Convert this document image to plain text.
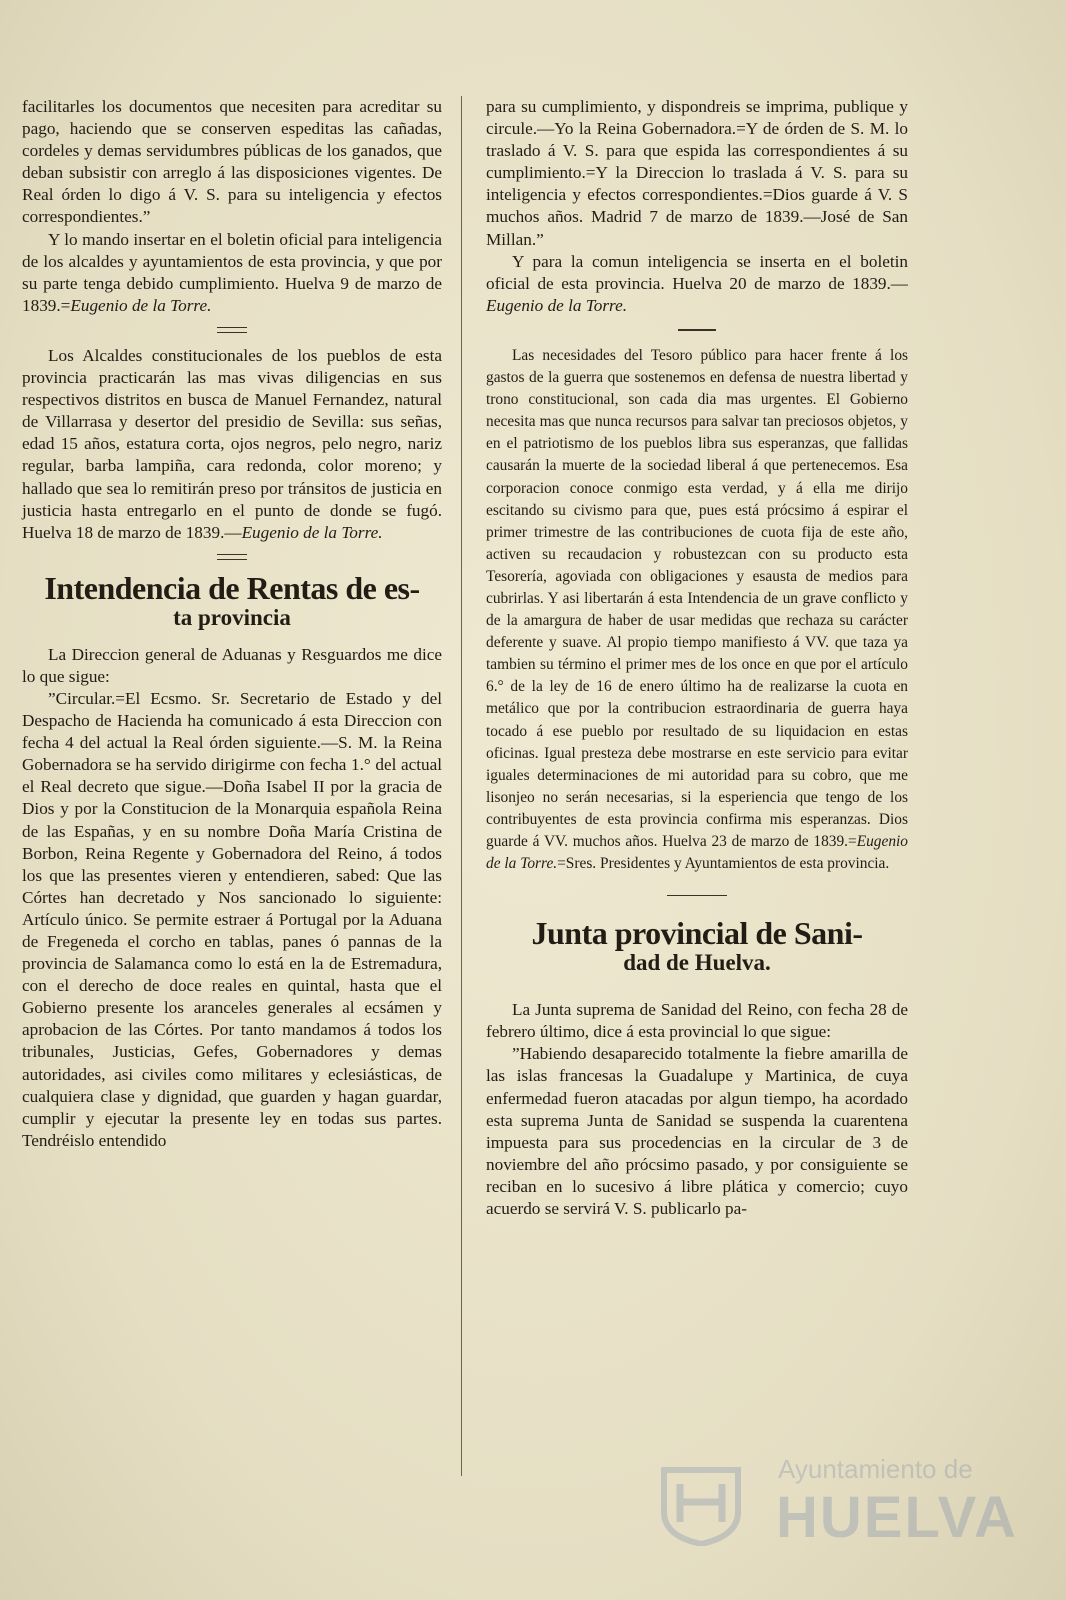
facilitarles los documentos que necesiten para acreditar su pago, haciendo que se conserven espeditas las cañadas, cordeles y demas servidumbres públicas de los ganados, que deban subsistir con arreglo á las disposiciones vigentes. De Real órden lo digo á V. S. para su inteligencia y efectos correspondientes.”

Y lo mando insertar en el boletin oficial para inteligencia de los alcaldes y ayuntamientos de esta provincia, y que por su parte tenga debido cumplimiento. Huelva 9 de marzo de 1839.=Eugenio de la Torre.

Los Alcaldes constitucionales de los pueblos de esta provincia practicarán las mas vivas diligencias en sus respectivos distritos en busca de Manuel Fernandez, natural de Villarrasa y desertor del presidio de Sevilla: sus señas, edad 15 años, estatura corta, ojos negros, pelo negro, nariz regular, barba lampiña, cara redonda, color moreno; y hallado que sea lo remitirán preso por tránsitos de justicia en justicia hasta entregarlo en el punto de donde se fugó. Huelva 18 de marzo de 1839.—Eugenio de la Torre.

Intendencia de Rentas de es-
ta provincia

La Direccion general de Aduanas y Resguardos me dice lo que sigue:

”Circular.=El Ecsmo. Sr. Secretario de Estado y del Despacho de Hacienda ha comunicado á esta Direccion con fecha 4 del actual la Real órden siguiente.—S. M. la Reina Gobernadora se ha servido dirigirme con fecha 1.° del actual el Real decreto que sigue.—Doña Isabel II por la gracia de Dios y por la Constitucion de la Monarquia española Reina de las Españas, y en su nombre Doña María Cristina de Borbon, Reina Regente y Gobernadora del Reino, á todos los que las presentes vieren y entendieren, sabed: Que las Córtes han decretado y Nos sancionado lo siguiente: Artículo único. Se permite estraer á Portugal por la Aduana de Fregeneda el corcho en tablas, panes ó pannas de la provincia de Salamanca como lo está en la de Estremadura, con el derecho de doce reales en quintal, hasta que el Gobierno presente los aranceles generales al ecsámen y aprobacion de las Córtes. Por tanto mandamos á todos los tribunales, Justicias, Gefes, Gobernadores y demas autoridades, asi civiles como militares y eclesiásticas, de cualquiera clase y dignidad, que guarden y hagan guardar, cumplir y ejecutar la presente ley en todas sus partes. Tendréislo entendido

para su cumplimiento, y dispondreis se imprima, publique y circule.—Yo la Reina Gobernadora.=Y de órden de S. M. lo traslado á V. S. para que espida las correspondientes á su cumplimiento.=Y la Direccion lo traslada á V. S. para su inteligencia y efectos correspondientes.=Dios guarde á V. S muchos años. Madrid 7 de marzo de 1839.—José de San Millan.”

Y para la comun inteligencia se inserta en el boletin oficial de esta provincia. Huelva 20 de marzo de 1839.—Eugenio de la Torre.

Las necesidades del Tesoro público para hacer frente á los gastos de la guerra que sostenemos en defensa de nuestra libertad y trono constitucional, son cada dia mas urgentes. El Gobierno necesita mas que nunca recursos para salvar tan preciosos objetos, y en el patriotismo de los pueblos libra sus esperanzas, que fallidas causarán la muerte de la sociedad liberal á que pertenecemos. Esa corporacion conoce conmigo esta verdad, y á ella me dirijo escitando su civismo para que, pues está prócsimo á espirar el primer trimestre de las contribuciones de cuota fija de este año, activen su recaudacion y robustezcan con su producto esta Tesorería, agoviada con obligaciones y esausta de medios para cubrirlas. Y asi libertarán á esta Intendencia de un grave conflicto y de la amargura de haber de usar medidas que rechaza su carácter deferente y suave. Al propio tiempo manifiesto á VV. que taza ya tambien su término el primer mes de los once en que por el artículo 6.° de la ley de 16 de enero último ha de realizarse la cuota en metálico que por la contribucion estraordinaria de guerra haya tocado á ese pueblo por resultado de su liquidacion en estas oficinas. Igual presteza debe mostrarse en este servicio para evitar iguales determinaciones de mi autoridad para su cobro, que me lisonjeo no serán necesarias, si la esperiencia que tengo de los contribuyentes de esta provincia confirma mis esperanzas. Dios guarde á VV. muchos años. Huelva 23 de marzo de 1839.=Eugenio de la Torre.=Sres. Presidentes y Ayuntamientos de esta provincia.

Junta provincial de Sani-
dad de Huelva.

La Junta suprema de Sanidad del Reino, con fecha 28 de febrero último, dice á esta provincial lo que sigue:

”Habiendo desaparecido totalmente la fiebre amarilla de las islas francesas la Guadalupe y Martinica, de cuya enfermedad fueron atacadas por algun tiempo, ha acordado esta suprema Junta de Sanidad se suspenda la cuarentena impuesta para sus procedencias en la circular de 3 de noviembre del año prócsimo pasado, y por consiguiente se reciban en lo sucesivo á libre plática y comercio; cuyo acuerdo se servirá V. S. publicarlo pa-

Ayuntamiento de
HUELVA
